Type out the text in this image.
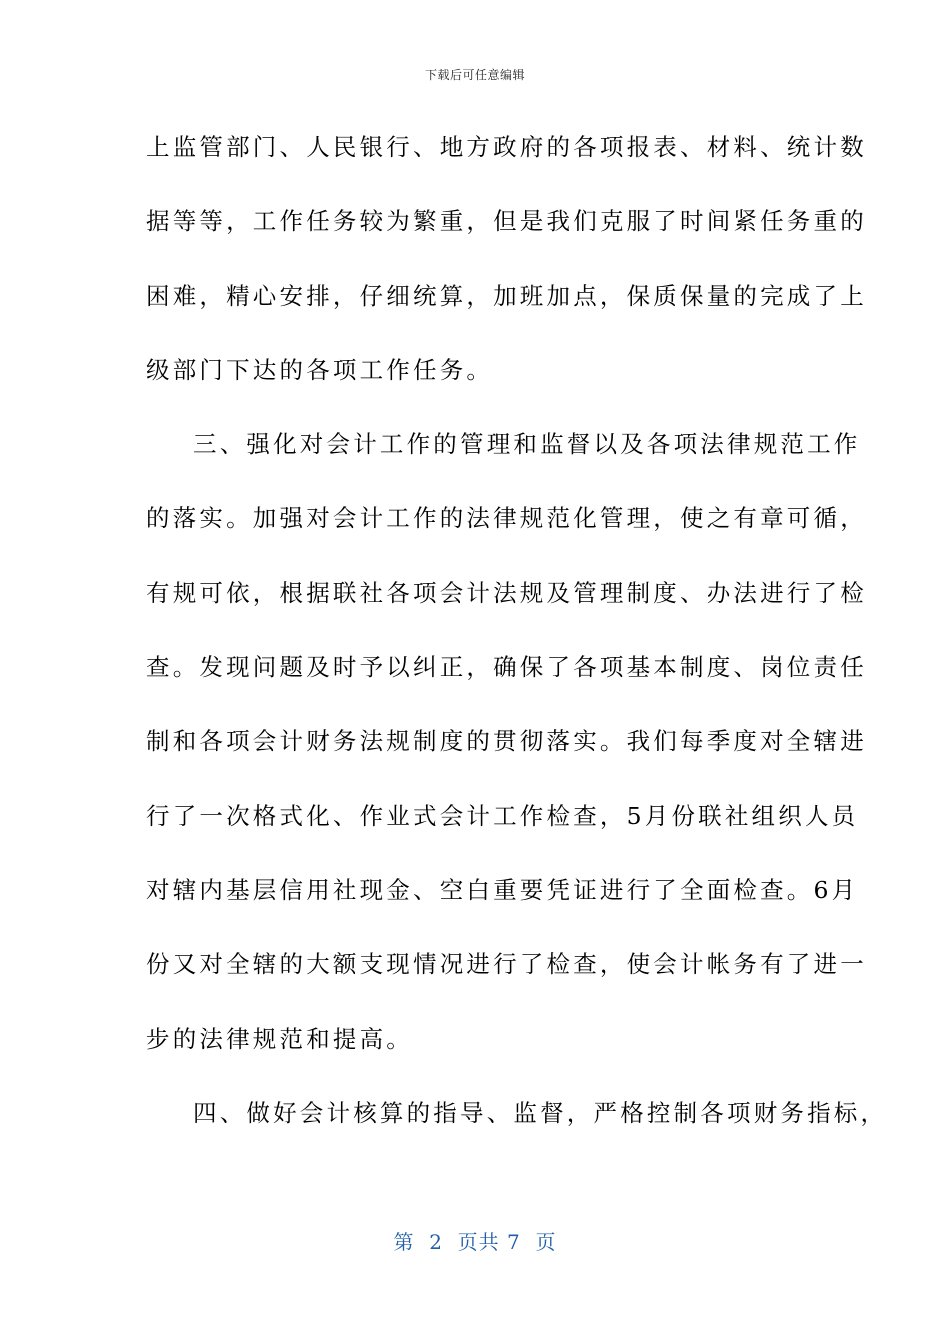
下载后可任意编辑
上监管部门、人民银行、地方政府的各项报表、材料、统计数
据等等，工作任务较为繁重，但是我们克服了时间紧任务重的
困难，精心安排，仔细统算，加班加点，保质保量的完成了上
级部门下达的各项工作任务。
三、强化对会计工作的管理和监督以及各项法律规范工作
的落实。加强对会计工作的法律规范化管理，使之有章可循，
有规可依，根据联社各项会计法规及管理制度、办法进行了检
查。发现问题及时予以纠正，确保了各项基本制度、岗位责任
制和各项会计财务法规制度的贯彻落实。我们每季度对全辖进
行了一次格式化、作业式会计工作检查，5月份联社组织人员
对辖内基层信用社现金、空白重要凭证进行了全面检查。6月
份又对全辖的大额支现情况进行了检查，使会计帐务有了进一
步的法律规范和提高。
四、做好会计核算的指导、监督，严格控制各项财务指标，
第  2  页共 7  页
